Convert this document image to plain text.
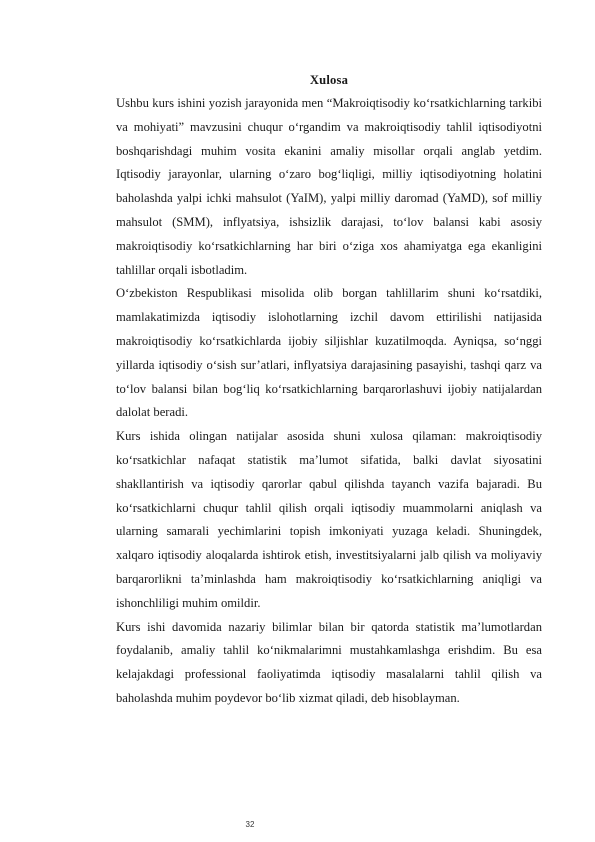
Xulosa

Ushbu kurs ishini yozish jarayonida men “Makroiqtisodiy ko‘rsatkichlarning tarkibi va mohiyati” mavzusini chuqur o‘rgandim va makroiqtisodiy tahlil iqtisodiyotni boshqarishdagi muhim vosita ekanini amaliy misollar orqali anglab yetdim. Iqtisodiy jarayonlar, ularning o‘zaro bog‘liqligi, milliy iqtisodiyotning holatini baholashda yalpi ichki mahsulot (YaIM), yalpi milliy daromad (YaMD), sof milliy mahsulot (SMM), inflyatsiya, ishsizlik darajasi, to‘lov balansi kabi asosiy makroiqtisodiy ko‘rsatkichlarning har biri o‘ziga xos ahamiyatga ega ekanligini tahlillar orqali isbotladim.

O‘zbekiston Respublikasi misolida olib borgan tahlillarim shuni ko‘rsatdiki, mamlakatimizda iqtisodiy islohotlarning izchil davom ettirilishi natijasida makroiqtisodiy ko‘rsatkichlarda ijobiy siljishlar kuzatilmoqda. Ayniqsa, so‘nggi yillarda iqtisodiy o‘sish sur’atlari, inflyatsiya darajasining pasayishi, tashqi qarz va to‘lov balansi bilan bog‘liq ko‘rsatkichlarning barqarorlashuvi ijobiy natijalardan dalolat beradi.

Kurs ishida olingan natijalar asosida shuni xulosa qilaman: makroiqtisodiy ko‘rsatkichlar nafaqat statistik ma’lumot sifatida, balki davlat siyosatini shakllantirish va iqtisodiy qarorlar qabul qilishda tayanch vazifa bajaradi. Bu ko‘rsatkichlarni chuqur tahlil qilish orqali iqtisodiy muammolarni aniqlash va ularning samarali yechimlarini topish imkoniyati yuzaga keladi. Shuningdek, xalqaro iqtisodiy aloqalarda ishtirok etish, investitsiyalarni jalb qilish va moliyaviy barqarorlikni ta’minlashda ham makroiqtisodiy ko‘rsatkichlarning aniqligi va ishonchliligi muhim omildir.

Kurs ishi davomida nazariy bilimlar bilan bir qatorda statistik ma’lumotlardan foydalanib, amaliy tahlil ko‘nikmalarimni mustahkamlashga erishdim. Bu esa kelajakdagi professional faoliyatimda iqtisodiy masalalarni tahlil qilish va baholashda muhim poydevor bo‘lib xizmat qiladi, deb hisoblayman.

32
